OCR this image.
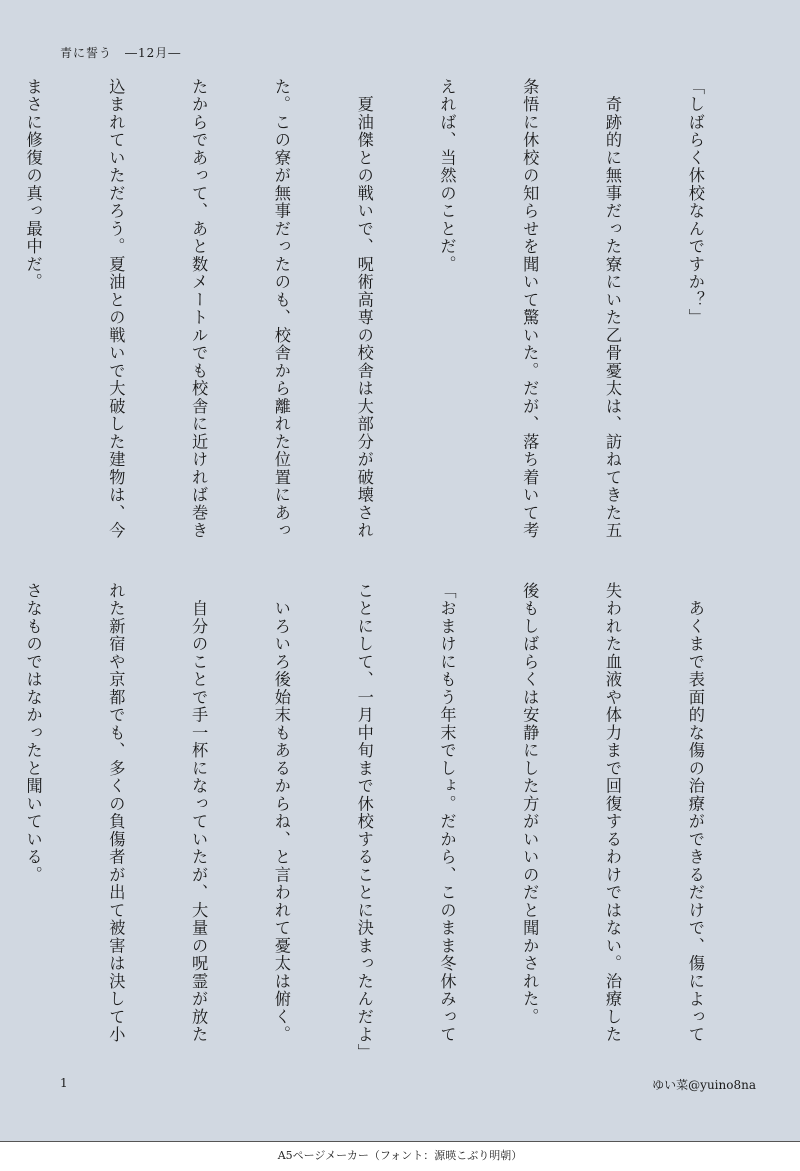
青に誓う　―12月―

「しばらく休校なんですか？」

　奇跡的に無事だった寮にいた乙骨憂太は、訪ねてきた五

条悟に休校の知らせを聞いて驚いた。だが、落ち着いて考

えれば、当然のことだ。

　夏油傑との戦いで、呪術高専の校舎は大部分が破壊され

た。この寮が無事だったのも、校舎から離れた位置にあっ

たからであって、あと数メートルでも校舎に近ければ巻き

込まれていただろう。夏油との戦いで大破した建物は、今

まさに修復の真っ最中だ。

　あくまで表面的な傷の治療ができるだけで、傷によって

失われた血液や体力まで回復するわけではない。治療した

後もしばらくは安静にした方がいいのだと聞かされた。

「おまけにもう年末でしょ。だから、このまま冬休みって

ことにして、一月中旬まで休校することに決まったんだよ」

　いろいろ後始末もあるからね、と言われて憂太は俯く。

　自分のことで手一杯になっていたが、大量の呪霊が放た

れた新宿や京都でも、多くの負傷者が出て被害は決して小

さなものではなかったと聞いている。

1	ゆい菜@yuino8na
A5ページメーカー（フォント：源暎こぶり明朝）
